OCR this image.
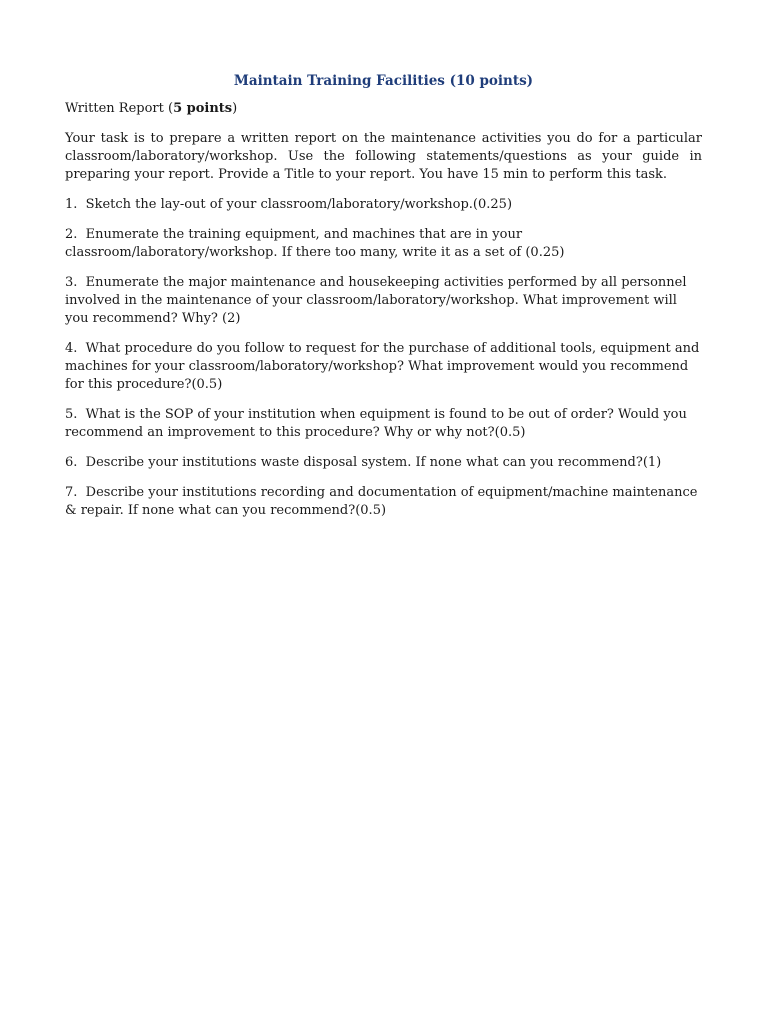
Maintain Training Facilities (10 points)
Written Report (5 points)
Your task is to prepare a written report on the maintenance activities you do for a particular classroom/laboratory/workshop. Use the following statements/questions as your guide in preparing your report. Provide a Title to your report. You have 15 min to perform this task.
1. Sketch the lay-out of your classroom/laboratory/workshop.(0.25)
2. Enumerate the training equipment, and machines that are in your classroom/laboratory/workshop. If there too many, write it as a set of (0.25)
3. Enumerate the major maintenance and housekeeping activities performed by all personnel involved in the maintenance of your classroom/laboratory/workshop. What improvement will you recommend? Why? (2)
4. What procedure do you follow to request for the purchase of additional tools, equipment and machines for your classroom/laboratory/workshop? What improvement would you recommend for this procedure?(0.5)
5. What is the SOP of your institution when equipment is found to be out of order? Would you recommend an improvement to this procedure? Why or why not?(0.5)
6. Describe your institutions waste disposal system. If none what can you recommend?(1)
7. Describe your institutions recording and documentation of equipment/machine maintenance & repair. If none what can you recommend?(0.5)
